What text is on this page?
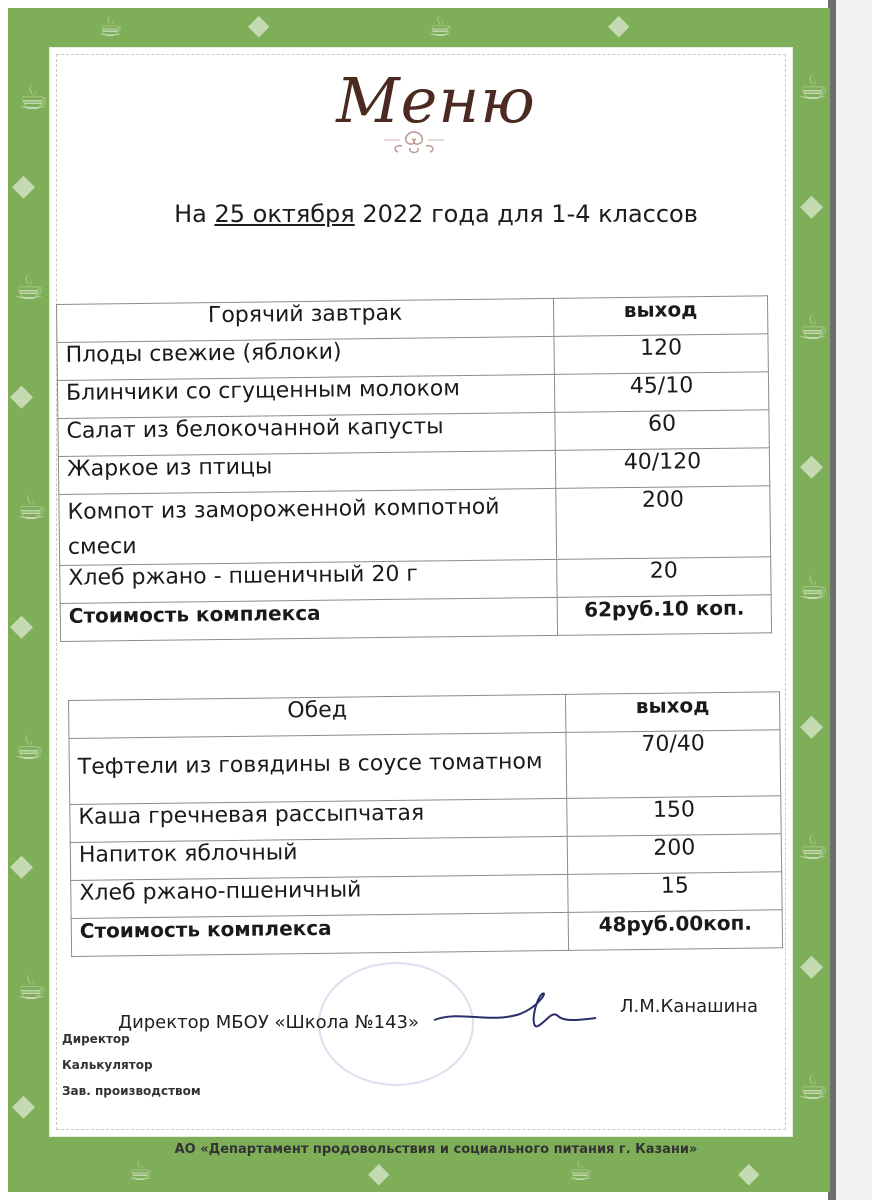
☕
◆
☕
◆
☕
◆
☕
◆
☕
◆
☕	◆	☕	◆
☕
◆
☕
◆
☕
◆
☕
◆
☕
☕	◆	☕	◆
Меню
На 25 октября 2022 года для 1-4 классов
Горячий завтрак	выход
Плоды свежие (яблоки)	120
Блинчики со сгущенным молоком	45/10
Салат из белокочанной капусты	60
Жаркое из птицы	40/120
Компот из замороженной компотной смеси	200
Хлеб ржано - пшеничный 20 г	20
Стоимость комплекса	62руб.10 коп.
Обед	выход
Тефтели из говядины в соусе томатном	70/40
Каша гречневая рассыпчатая	150
Напиток яблочный	200
Хлеб ржано-пшеничный	15
Стоимость комплекса	48руб.00коп.
Директор МБОУ «Школа №143»
Л.М.Канашина
Директор
Калькулятор
Зав. производством
АО «Департамент продовольствия и социального питания г. Казани»
